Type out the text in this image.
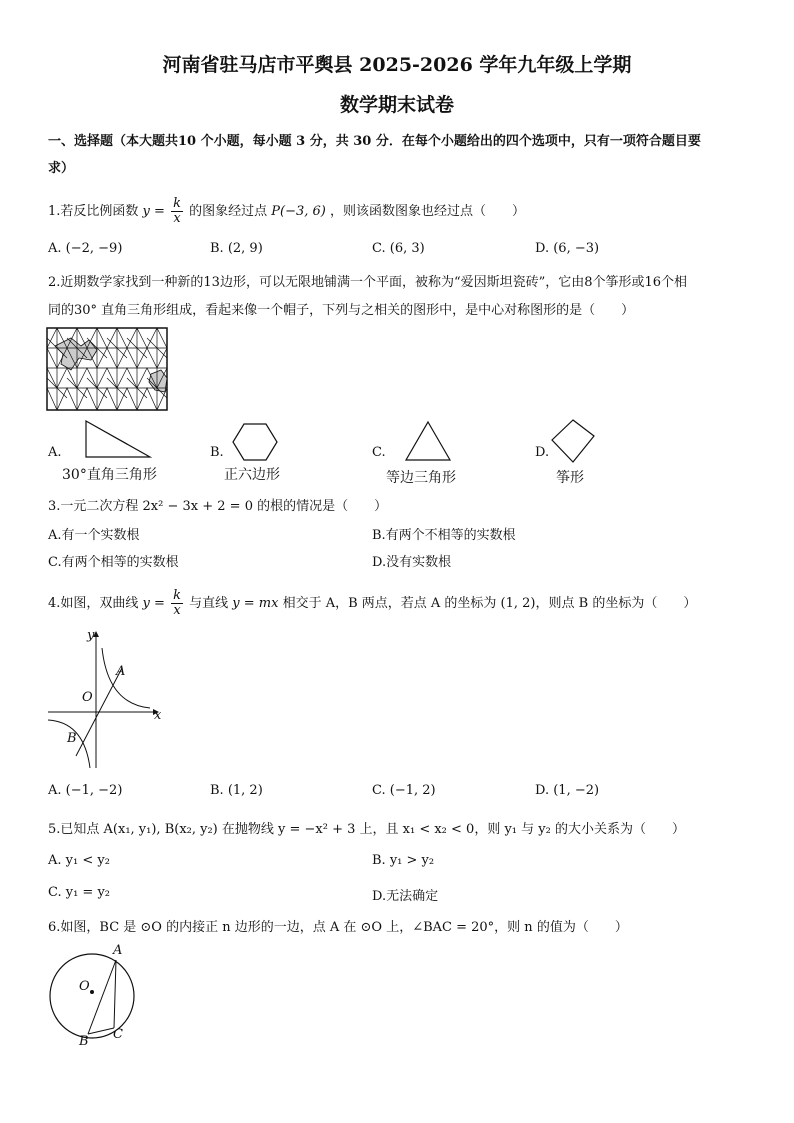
河南省驻马店市平舆县 2025-2026 学年九年级上学期
数学期末试卷
一、选择题（本大题共10 个小题，每小题 3 分，共 30 分．在每个小题给出的四个选项中，只有一项符合题目要
求）
1.若反比例函数 $y = \frac{k}{x}$ 的图象经过点 P(−3, 6) ，则该函数图象也经过点（　　）
A. (−2, −9)	B. (2, 9)	C. (6, 3)	D. (6, −3)
2.近期数学家找到一种新的13边形，可以无限地铺满一个平面，被称为“爱因斯坦瓷砖”，它由8个筝形或16个相
同的30° 直角三角形组成，看起来像一个帽子，下列与之相关的图形中，是中心对称图形的是（　　）
A.
30°直角三角形
B.
正六边形
C.
等边三角形
D.
筝形
3.一元二次方程 2x² − 3x + 2 = 0 的根的情况是（　　）
A.有一个实数根	B.有两个不相等的实数根
C.有两个相等的实数根	D.没有实数根
4.如图，双曲线 $y = \frac{k}{x}$ 与直线 y = mx 相交于 A，B 两点，若点 A 的坐标为 (1, 2)，则点 B 的坐标为（　　）
y
x
O
A
B
A. (−1, −2)	B. (1, 2)	C. (−1, 2)	D. (1, −2)
5.已知点 A(x₁, y₁), B(x₂, y₂) 在抛物线 y = −x² + 3 上，且 x₁ < x₂ < 0，则 y₁ 与 y₂ 的大小关系为（　　）
A. y₁ < y₂	B. y₁ > y₂
C. y₁ = y₂	D.无法确定
6.如图，BC 是 ⊙O 的内接正 n 边形的一边，点 A 在 ⊙O 上，∠BAC = 20°，则 n 的值为（　　）
A
O
B C
